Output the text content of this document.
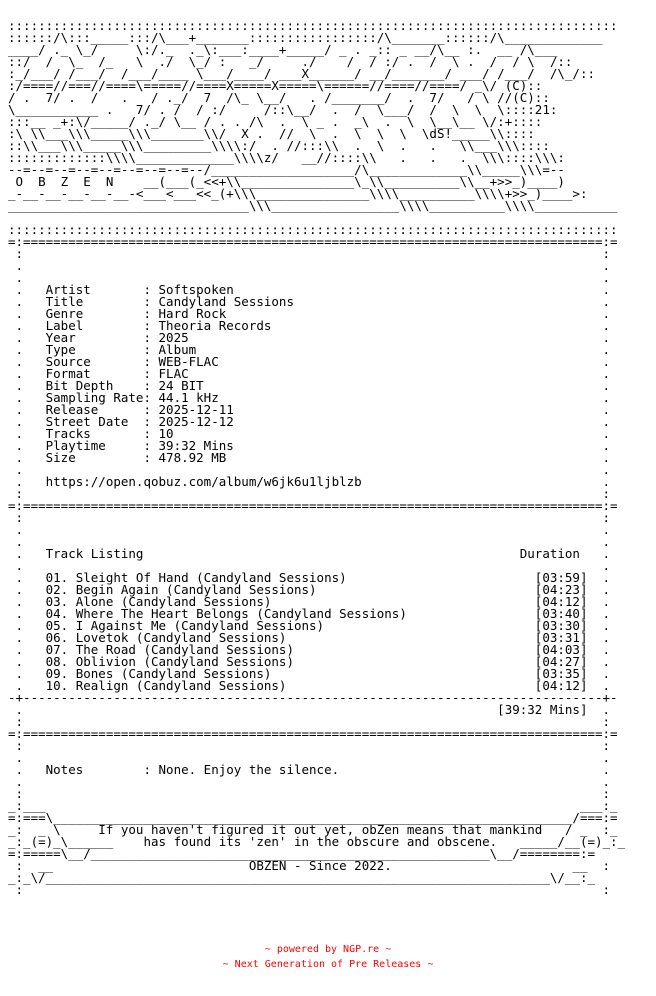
:::::::::::::::::::::::::::::::::::::::::::::::::::::::::::::::::::::::::::::::::
::::::/\:::_____:::/\___+_______:::::::::::::::::/\_______::::::/\_____________
____/ ._ \_/     \:/._  ._\:___:____+_____/ _ . _:: _ __/\__ :.  __ /\___
::/  /  \_  /_   \  ./  \_/ :   _/     ./    /  / :/ .  /  \ .  /  / \  /::
:_/___/ /___/  /___/____ \___/____/ ___X______/ __/_______/ ___/ /___/  /\_/::
:/====//===//====\=====//====X=====X=====\======//====//====/ _\/ (C)::
/ .  7/ .  /   .   / ._/  7  /\_ \__/   . /_______/  .  7/   / \ //(C)::
\___________ .   7/ . /  / :/     /::\__/  .  /  \___/  /  \  \  \::::21:
:::__ _+:\/_____/ ._/ \__ / . . /\  .  \ _ .  _\  .  \  \__\__ \/:+::::
:\ \\___\\\_____\\\_______\\/  X .  //  \  .  \  \  \  \dS!_____\\::::
::\\___\\\_____\\\_________\\\\:/  . //:::\\  .  \  .   .   \\___\\\::::
:::::::::::::\\\\_____________\\\\z/   __//::::\\   .   .   .  \\\::::\\\:
--=--=--=--=--=--=--=--=--/___________________/\_____________\\_____\\\=--
O  B  Z  E  N    __(___(_<<+\\_______________\_\\__________\\__+>>_)____)
_-__-__-__-__-__-<___<___<<_(+\\\_______________\\\\__________\\\\+>>_)____>:
________________________________\\\_________________\\\\__________\\\\___________
:::::::::::::::::::::::::::::::::::::::::::::::::::::::::::::::::::::::::::::::::
=:=============================================================================:=
:                                                                             :
.                                                                             .
.                                                                             .
.   Artist       : Softspoken                                                 .
.   Title        : Candyland Sessions                                         .
.   Genre        : Hard Rock                                                  .
.   Label        : Theoria Records                                            .
.   Year         : 2025                                                       .
.   Type         : Album                                                      .
.   Source       : WEB-FLAC                                                   .
.   Format       : FLAC                                                       .
.   Bit Depth    : 24 BIT                                                     .
.   Sampling Rate: 44.1 kHz                                                   .
.   Release      : 2025-12-11                                                 .
.   Street Date  : 2025-12-12                                                 .
.   Tracks       : 10                                                         .
.   Playtime     : 39:32 Mins                                                 .
.   Size         : 478.92 MB                                                  .
.                                                                             .
.   https://open.qobuz.com/album/w6jk6u1ljblzb                                .
:                                                                             :
=:=============================================================================:=
:                                                                             :
.                                                                             .
.                                                                             .
.   Track Listing                                                  Duration   .
.                                                                             .
.   01. Sleight Of Hand (Candyland Sessions)                         [03:59]  .
.   02. Begin Again (Candyland Sessions)                             [04:23]  .
.   03. Alone (Candyland Sessions)                                   [04:12]  .
.   04. Where The Heart Belongs (Candyland Sessions)                 [03:40]  .
.   05. I Against Me (Candyland Sessions)                            [03:30]  .
.   06. Lovetok (Candyland Sessions)                                 [03:31]  .
.   07. The Road (Candyland Sessions)                                [04:03]  .
.   08. Oblivion (Candyland Sessions)                                [04:27]  .
.   09. Bones (Candyland Sessions)                                   [03:35]  .
.   10. Realign (Candyland Sessions)                                 [04:12]  .
-+-----------------------------------------------------------------------------+-
.                                                               [39:32 Mins]  .
:                                                                             :
=:=============================================================================:=
:                                                                             :
.                                                                             .
.   Notes        : None. Enjoy the silence.                                   .
.                                                                             .
:                                                                             :
_:___                                                                       ___:_
=:===\_____________________________________________________________________/===:=
_:  _ \     If you haven't figured it out yet, obZen means that mankind   / _  :_
_:_(=)_\______    has found its 'zen' in the obscure and obscene.   _____/__(=)_:_
=:=====\__/_____________________________________________________\__/========:=
:  __                          OBZEN - Since 2022.                        __  :
_:_\/___________________________________________________________________\/__:_
:                                                                             :
~ powered by NGP.re ~
~ Next Generation of Pre Releases ~
